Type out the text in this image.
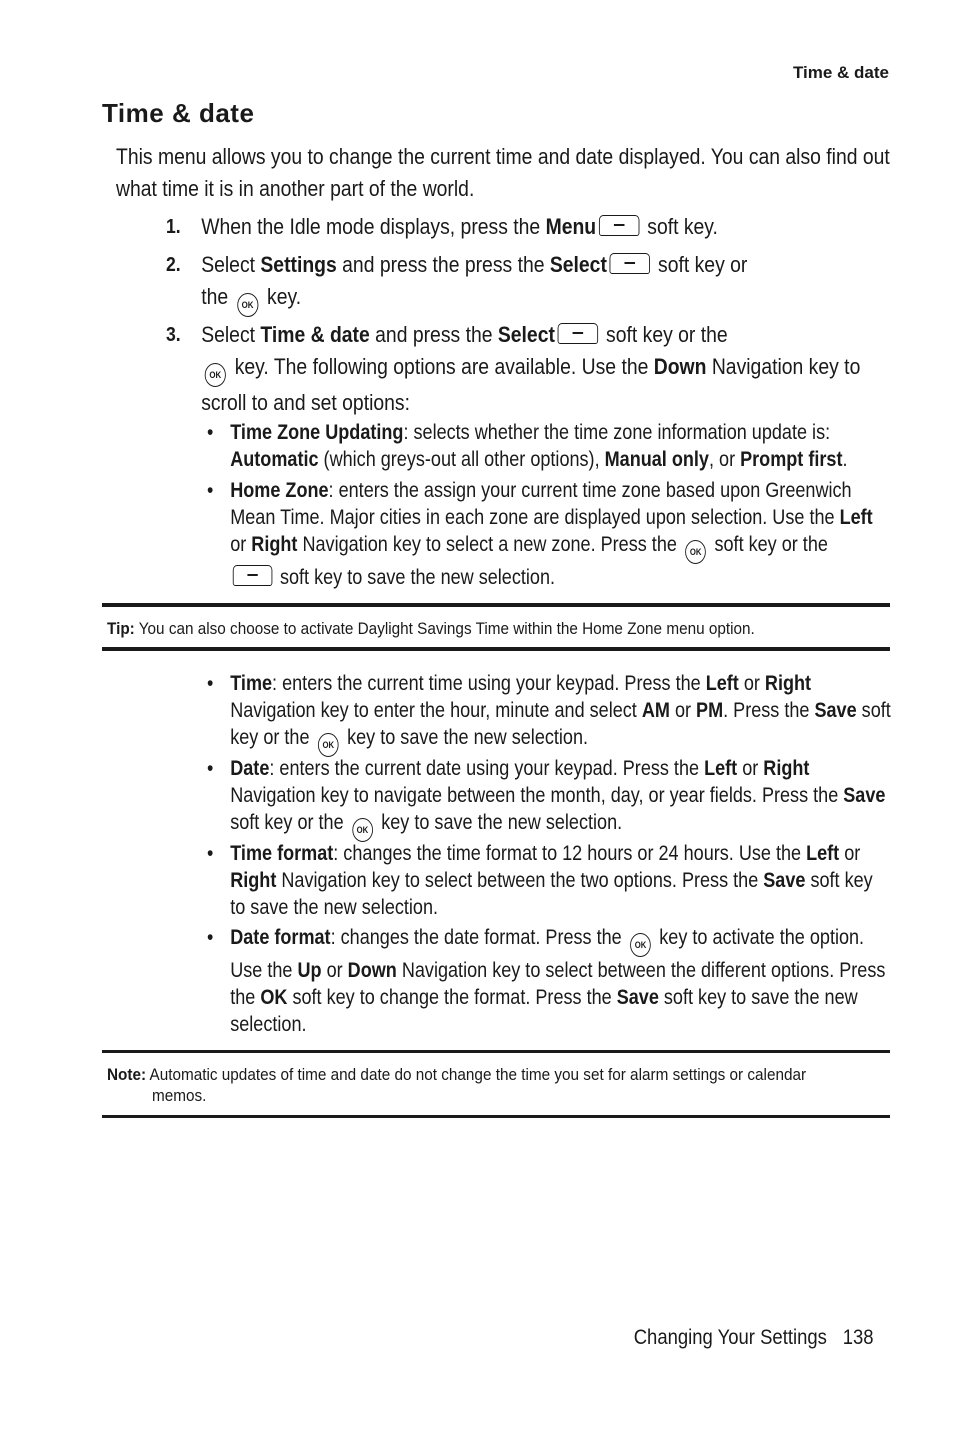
Time & date
Time & date
This menu allows you to change the current time and date displayed. You can also find out what time it is in another part of the world.
1. When the Idle mode displays, press the Menu soft key.
2. Select Settings and press the press the Select soft key or
the OK key.
3. Select Time & date and press the Select soft key or the
OK key. The following options are available. Use the Down Navigation key to scroll to and set options:
• Time Zone Updating: selects whether the time zone information update is:
Automatic (which greys-out all other options), Manual only, or Prompt first.
• Home Zone: enters the assign your current time zone based upon Greenwich Mean Time. Major cities in each zone are displayed upon selection. Use the Left or Right Navigation key to select a new zone. Press the OK soft key or the
soft key to save the new selection.
Tip: You can also choose to activate Daylight Savings Time within the Home Zone menu option.
• Time: enters the current time using your keypad. Press the Left or Right Navigation key to enter the hour, minute and select AM or PM. Press the Save soft key or the OK key to save the new selection.
• Date: enters the current date using your keypad. Press the Left or Right Navigation key to navigate between the month, day, or year fields. Press the Save soft key or the OK key to save the new selection.
• Time format: changes the time format to 12 hours or 24 hours. Use the Left or Right Navigation key to select between the two options. Press the Save soft key to save the new selection.
• Date format: changes the date format. Press the OK key to activate the option. Use the Up or Down Navigation key to select between the different options. Press the OK soft key to change the format. Press the Save soft key to save the new selection.
Note: Automatic updates of time and date do not change the time you set for alarm settings or calendar
memos.
Changing Your Settings 138
